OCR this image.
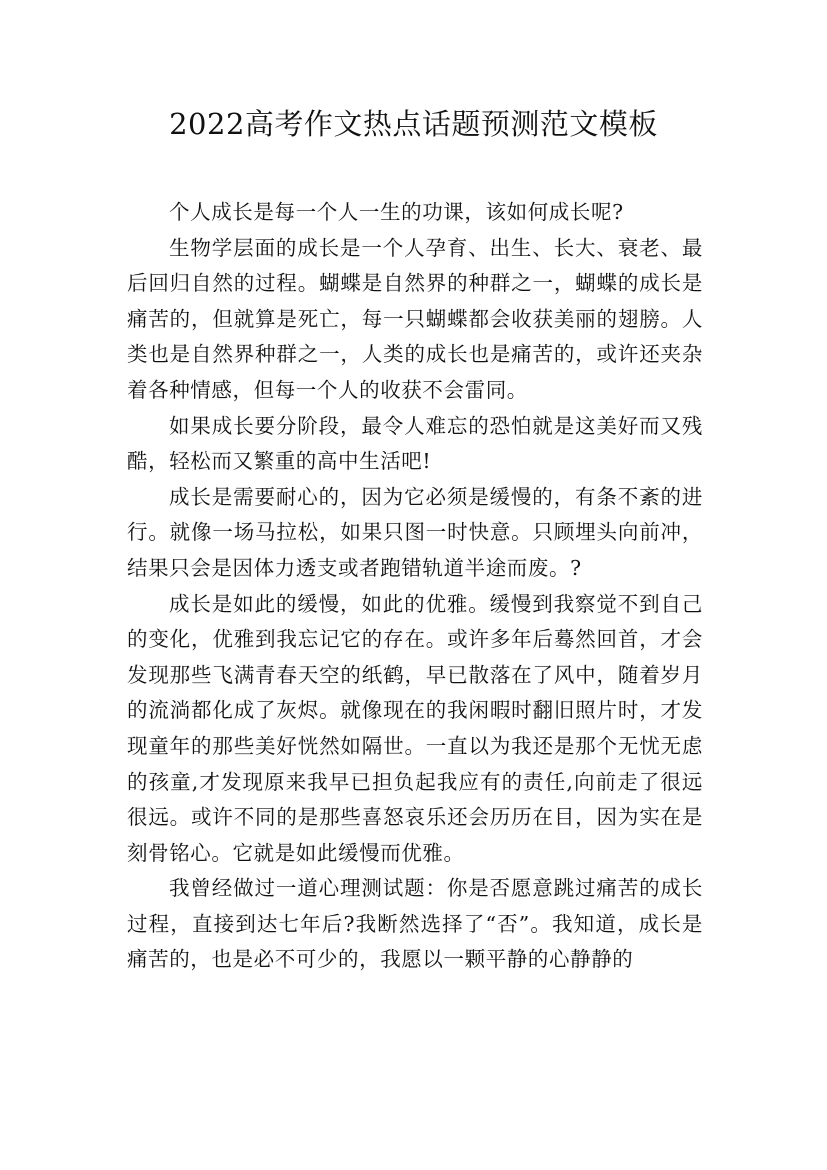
2022高考作文热点话题预测范文模板

个人成长是每一个人一生的功课，该如何成长呢?

生物学层面的成长是一个人孕育、出生、长大、衰老、最后回归自然的过程。蝴蝶是自然界的种群之一，蝴蝶的成长是痛苦的，但就算是死亡，每一只蝴蝶都会收获美丽的翅膀。人类也是自然界种群之一，人类的成长也是痛苦的，或许还夹杂着各种情感，但每一个人的收获不会雷同。

如果成长要分阶段，最令人难忘的恐怕就是这美好而又残酷，轻松而又繁重的高中生活吧!

成长是需要耐心的，因为它必须是缓慢的，有条不紊的进行。就像一场马拉松，如果只图一时快意。只顾埋头向前冲，结果只会是因体力透支或者跑错轨道半途而废。?

成长是如此的缓慢，如此的优雅。缓慢到我察觉不到自己的变化，优雅到我忘记它的存在。或许多年后蓦然回首，才会发现那些飞满青春天空的纸鹤，早已散落在了风中，随着岁月的流淌都化成了灰烬。就像现在的我闲暇时翻旧照片时，才发现童年的那些美好恍然如隔世。一直以为我还是那个无忧无虑的孩童,才发现原来我早已担负起我应有的责任,向前走了很远很远。或许不同的是那些喜怒哀乐还会历历在目，因为实在是刻骨铭心。它就是如此缓慢而优雅。

我曾经做过一道心理测试题：你是否愿意跳过痛苦的成长过程，直接到达七年后?我断然选择了“否”。我知道，成长是痛苦的，也是必不可少的，我愿以一颗平静的心静静的
